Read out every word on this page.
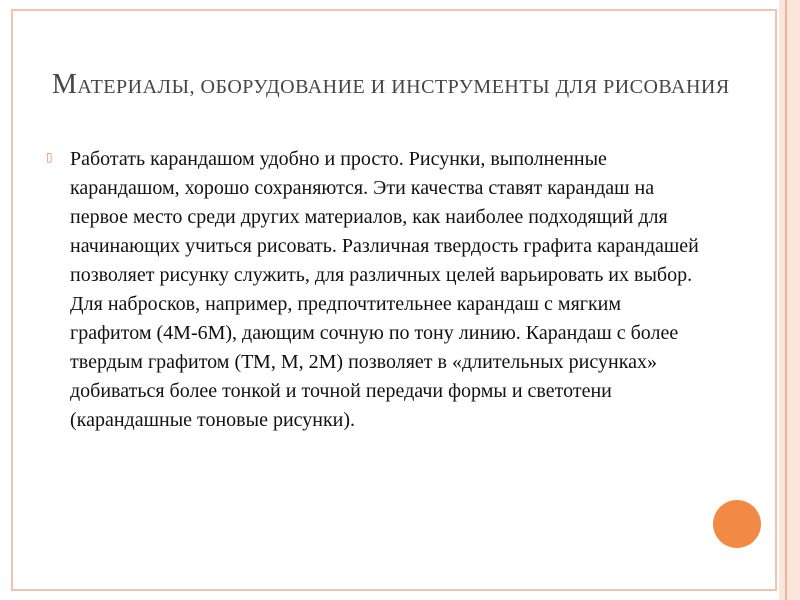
МАТЕРИАЛЫ, ОБОРУДОВАНИЕ И ИНСТРУМЕНТЫ ДЛЯ РИСОВАНИЯ
▯ Работать карандашом удобно и просто. Рисунки, выполненные карандашом, хорошо сохраняются. Эти качества ставят карандаш на первое место среди других материалов, как наиболее подходящий для начинающих учиться рисовать. Различная твердость графита карандашей позволяет рисунку служить, для различных целей варьировать их выбор. Для набросков, например, предпочтительнее карандаш с мягким графитом (4М-6М), дающим сочную по тону линию. Карандаш с более твердым графитом (ТМ, М, 2М) позволяет в «длительных рисунках» добиваться более тонкой и точной передачи формы и светотени (карандашные тоновые рисунки).
